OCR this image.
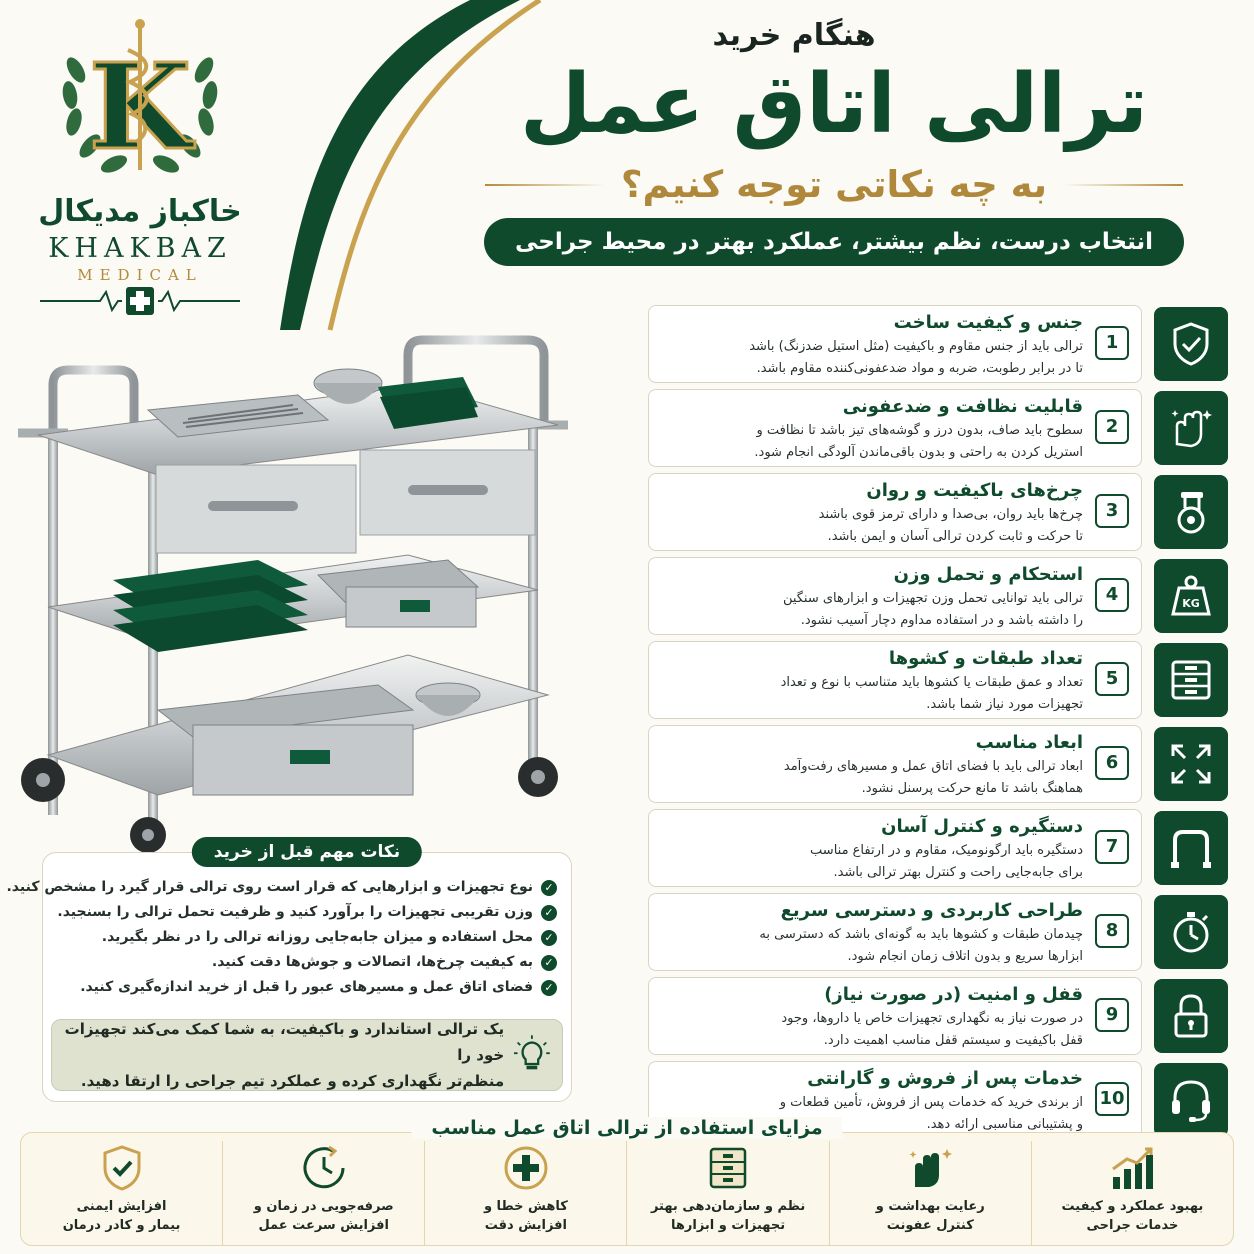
K
خاکباز مدیکال
KHAKBAZ
MEDICAL
هنگام خرید
ترالی اتاق عمل
به چه نکاتی توجه کنیم؟
انتخاب درست، نظم بیشتر، عملکرد بهتر در محیط جراحی
نکات مهم قبل از خرید
✓
نوع تجهیزات و ابزارهایی که قرار است روی ترالی قرار گیرد را مشخص کنید.
✓
وزن تقریبی تجهیزات را برآورد کنید و ظرفیت تحمل ترالی را بسنجید.
✓
محل استفاده و میزان جابه‌جایی روزانه ترالی را در نظر بگیرید.
✓
به کیفیت چرخ‌ها، اتصالات و جوش‌ها دقت کنید.
✓
فضای اتاق عمل و مسیرهای عبور را قبل از خرید اندازه‌گیری کنید.
یک ترالی استاندارد و باکیفیت، به شما کمک می‌کند تجهیزات خود را
منظم‌تر نگهداری کرده و عملکرد تیم جراحی را ارتقا دهید.
1
جنس و کیفیت ساخت
ترالی باید از جنس مقاوم و باکیفیت (مثل استیل ضدزنگ) باشد
تا در برابر رطوبت، ضربه و مواد ضدعفونی‌کننده مقاوم باشد.
2
قابلیت نظافت و ضدعفونی
سطوح باید صاف، بدون درز و گوشه‌های تیز باشد تا نظافت و
استریل کردن به راحتی و بدون باقی‌ماندن آلودگی انجام شود.
3
چرخ‌های باکیفیت و روان
چرخ‌ها باید روان، بی‌صدا و دارای ترمز قوی باشند
تا حرکت و ثابت کردن ترالی آسان و ایمن باشد.
4
استحکام و تحمل وزن
ترالی باید توانایی تحمل وزن تجهیزات و ابزارهای سنگین
را داشته باشد و در استفاده مداوم دچار آسیب نشود.
KG
5
تعداد طبقات و کشوها
تعداد و عمق طبقات یا کشوها باید متناسب با نوع و تعداد
تجهیزات مورد نیاز شما باشد.
6
ابعاد مناسب
ابعاد ترالی باید با فضای اتاق عمل و مسیرهای رفت‌وآمد
هماهنگ باشد تا مانع حرکت پرسنل نشود.
7
دستگیره و کنترل آسان
دستگیره باید ارگونومیک، مقاوم و در ارتفاع مناسب
برای جابه‌جایی راحت و کنترل بهتر ترالی باشد.
8
طراحی کاربردی و دسترسی سریع
چیدمان طبقات و کشوها باید به گونه‌ای باشد که دسترسی به
ابزارها سریع و بدون اتلاف زمان انجام شود.
9
قفل و امنیت (در صورت نیاز)
در صورت نیاز به نگهداری تجهیزات خاص یا داروها، وجود
قفل باکیفیت و سیستم قفل مناسب اهمیت دارد.
10
خدمات پس از فروش و گارانتی
از برندی خرید که خدمات پس از فروش، تأمین قطعات و
و پشتیبانی مناسبی ارائه دهد.
مزایای استفاده از ترالی اتاق عمل مناسب
بهبود عملکرد و کیفیت
خدمات جراحی
رعایت بهداشت و
کنترل عفونت
نظم و سازمان‌دهی بهتر
تجهیزات و ابزارها
کاهش خطا و
افزایش دقت
صرفه‌جویی در زمان و
افزایش سرعت عمل
افزایش ایمنی
بیمار و کادر درمان
